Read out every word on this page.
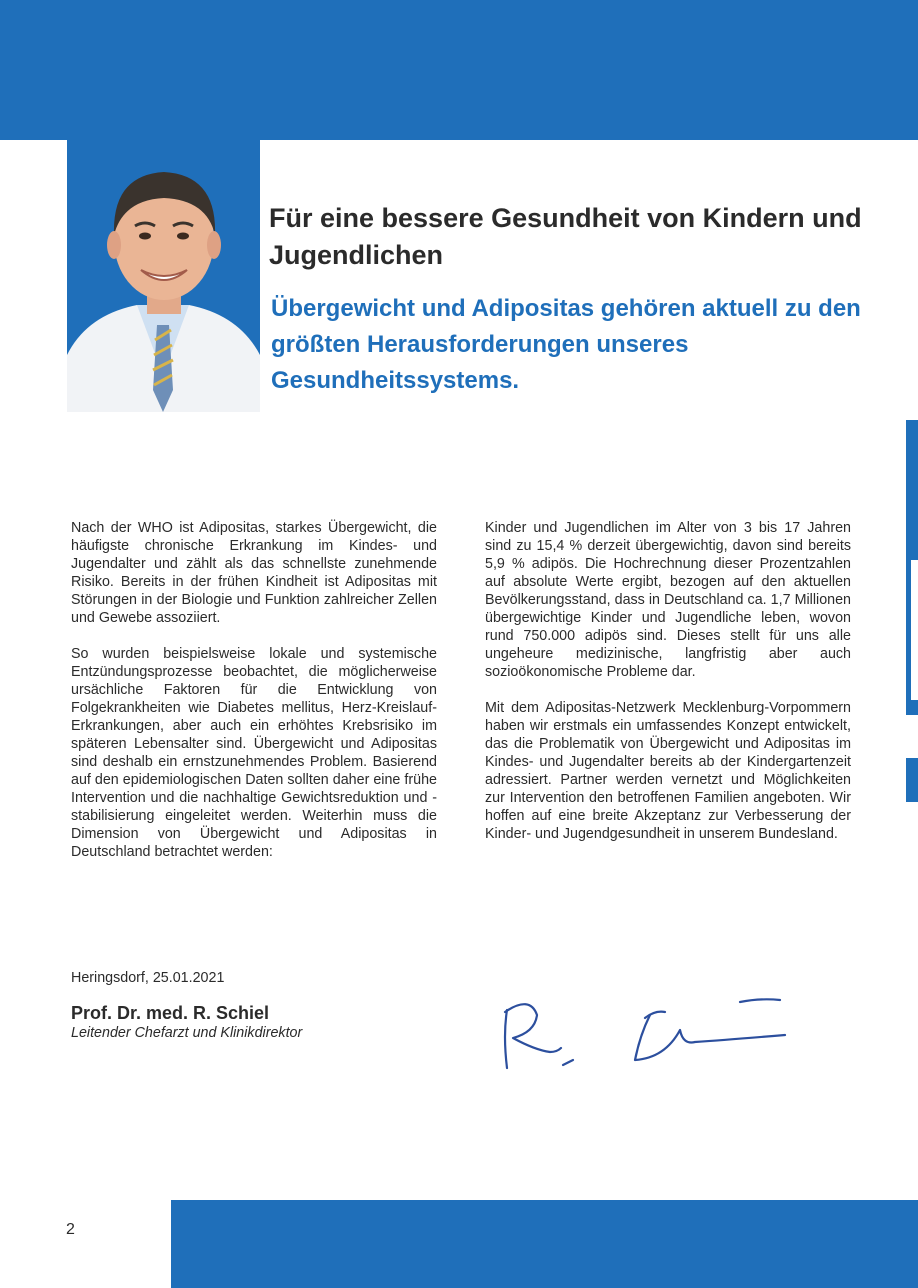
Für eine bessere Gesundheit von Kindern und Jugendlichen
Übergewicht und Adipositas gehören aktuell zu den größten Herausforderungen unseres Gesundheitssystems.

Nach der WHO ist Adipositas, starkes Übergewicht, die häufigste chronische Erkrankung im Kindes- und Jugendalter und zählt als das schnellste zunehmende Risiko. Bereits in der frühen Kindheit ist Adipositas mit Störungen in der Biologie und Funktion zahlreicher Zellen und Gewebe assoziiert.

So wurden beispielsweise lokale und systemische Entzündungsprozesse beobachtet, die möglicherweise ursächliche Faktoren für die Entwicklung von Folgekrankheiten wie Diabetes mellitus, Herz-Kreislauf-Erkrankungen, aber auch ein erhöhtes Krebsrisiko im späteren Lebensalter sind. Übergewicht und Adipositas sind deshalb ein ernstzunehmendes Problem. Basierend auf den epidemiologischen Daten sollten daher eine frühe Intervention und die nachhaltige Gewichtsreduktion und -stabilisierung eingeleitet werden. Weiterhin muss die Dimension von Übergewicht und Adipositas in Deutschland betrachtet werden:

Kinder und Jugendlichen im Alter von 3 bis 17 Jahren sind zu 15,4 % derzeit übergewichtig, davon sind bereits 5,9 % adipös. Die Hochrechnung dieser Prozentzahlen auf absolute Werte ergibt, bezogen auf den aktuellen Bevölkerungsstand, dass in Deutschland ca. 1,7 Millionen übergewichtige Kinder und Jugendliche leben, wovon rund 750.000 adipös sind. Dieses stellt für uns alle ungeheure medizinische, langfristig aber auch sozioökonomische Probleme dar.

Mit dem Adipositas-Netzwerk Mecklenburg-Vorpommern haben wir erstmals ein umfassendes Konzept entwickelt, das die Problematik von Übergewicht und Adipositas im Kindes- und Jugendalter bereits ab der Kindergartenzeit adressiert. Partner werden vernetzt und Möglichkeiten zur Intervention den betroffenen Familien angeboten. Wir hoffen auf eine breite Akzeptanz zur Verbesserung der Kinder- und Jugendgesundheit in unserem Bundesland.

Heringsdorf, 25.01.2021
Prof. Dr. med. R. Schiel
Leitender Chefarzt und Klinikdirektor
2
